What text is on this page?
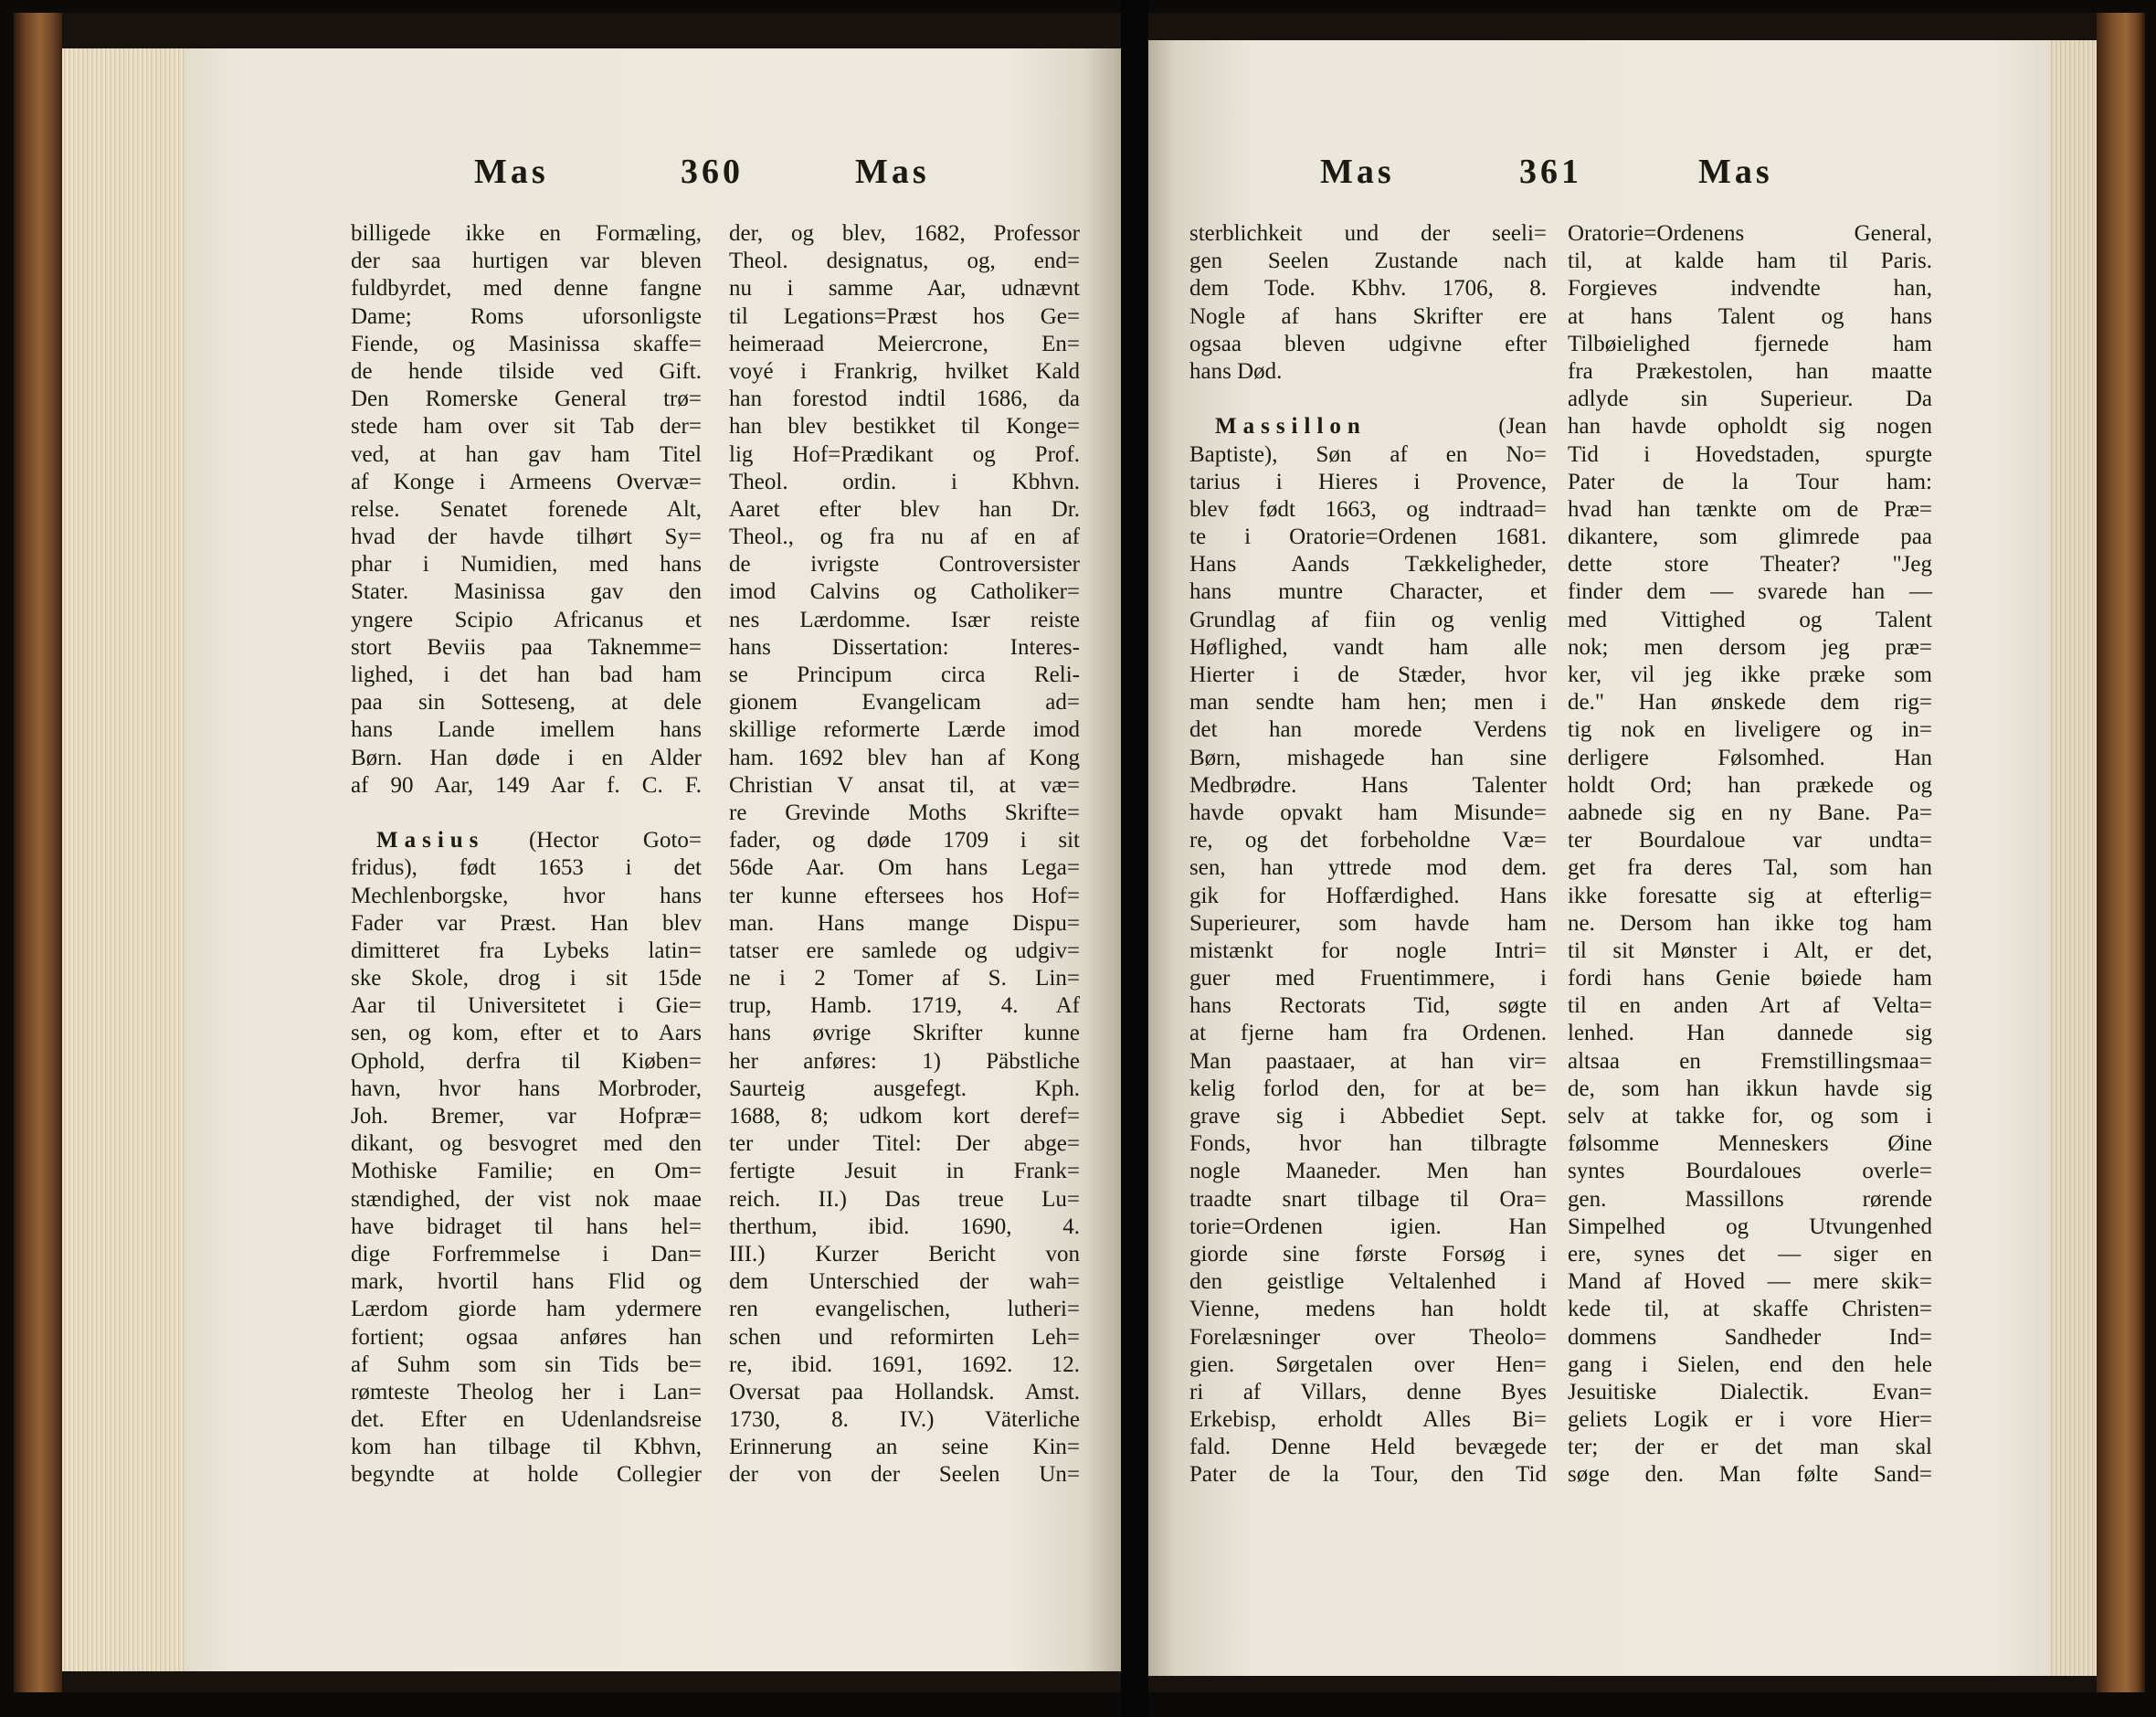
Mas	360	Mas
billigede ikke en Formæling,
der saa hurtigen var bleven
fuldbyrdet, med denne fangne
Dame; Roms uforsonligste
Fiende, og Masinissa skaffe=
de hende tilside ved Gift.
Den Romerske General trø=
stede ham over sit Tab der=
ved, at han gav ham Titel
af Konge i Armeens Overvæ=
relse. Senatet forenede Alt,
hvad der havde tilhørt Sy=
phar i Numidien, med hans
Stater. Masinissa gav den
yngere Scipio Africanus et
stort Beviis paa Taknemme=
lighed, i det han bad ham
paa sin Sotteseng, at dele
hans Lande imellem hans
Børn. Han døde i en Alder
af 90 Aar, 149 Aar f. C. F.
Masius (Hector Goto=
fridus), født 1653 i det
Mechlenborgske, hvor hans
Fader var Præst. Han blev
dimitteret fra Lybeks latin=
ske Skole, drog i sit 15de
Aar til Universitetet i Gie=
sen, og kom, efter et to Aars
Ophold, derfra til Kiøben=
havn, hvor hans Morbroder,
Joh. Bremer, var Hofpræ=
dikant, og besvogret med den
Mothiske Familie; en Om=
stændighed, der vist nok maae
have bidraget til hans hel=
dige Forfremmelse i Dan=
mark, hvortil hans Flid og
Lærdom giorde ham ydermere
fortient; ogsaa anføres han
af Suhm som sin Tids be=
rømteste Theolog her i Lan=
det. Efter en Udenlandsreise
kom han tilbage til Kbhvn,
begyndte at holde Collegier
der, og blev, 1682, Professor
Theol. designatus, og, end=
nu i samme Aar, udnævnt
til Legations=Præst hos Ge=
heimeraad Meiercrone, En=
voyé i Frankrig, hvilket Kald
han forestod indtil 1686, da
han blev bestikket til Konge=
lig Hof=Prædikant og Prof.
Theol. ordin. i Kbhvn.
Aaret efter blev han Dr.
Theol., og fra nu af en af
de ivrigste Controversister
imod Calvins og Catholiker=
nes Lærdomme. Især reiste
hans Dissertation: Interes-
se Principum circa Reli-
gionem Evangelicam ad=
skillige reformerte Lærde imod
ham. 1692 blev han af Kong
Christian V ansat til, at væ=
re Grevinde Moths Skrifte=
fader, og døde 1709 i sit
56de Aar. Om hans Lega=
ter kunne eftersees hos Hof=
man. Hans mange Dispu=
tatser ere samlede og udgiv=
ne i 2 Tomer af S. Lin=
trup, Hamb. 1719, 4. Af
hans øvrige Skrifter kunne
her anføres: 1) Päbstliche
Saurteig ausgefegt. Kph.
1688, 8; udkom kort deref=
ter under Titel: Der abge=
fertigte Jesuit in Frank=
reich. II.) Das treue Lu=
therthum, ibid. 1690, 4.
III.) Kurzer Bericht von
dem Unterschied der wah=
ren evangelischen, lutheri=
schen und reformirten Leh=
re, ibid. 1691, 1692. 12.
Oversat paa Hollandsk. Amst.
1730, 8. IV.) Väterliche
Erinnerung an seine Kin=
der von der Seelen Un=
Mas	361	Mas
sterblichkeit und der seeli=
gen Seelen Zustande nach
dem Tode. Kbhv. 1706, 8.
Nogle af hans Skrifter ere
ogsaa bleven udgivne efter
hans Død.
Massillon	(Jean
Baptiste), Søn af en No=
tarius i Hieres i Provence,
blev født 1663, og indtraad=
te i Oratorie=Ordenen 1681.
Hans Aands Tækkeligheder,
hans muntre Character, et
Grundlag af fiin og venlig
Høflighed, vandt ham alle
Hierter i de Stæder, hvor
man sendte ham hen; men i
det han morede Verdens
Børn, mishagede han sine
Medbrødre. Hans Talenter
havde opvakt ham Misunde=
re, og det forbeholdne Væ=
sen, han yttrede mod dem.
gik for Hoffærdighed. Hans
Superieurer, som havde ham
mistænkt for nogle Intri=
guer med Fruentimmere, i
hans Rectorats Tid, søgte
at fjerne ham fra Ordenen.
Man paastaaer, at han vir=
kelig forlod den, for at be=
grave sig i Abbediet Sept.
Fonds, hvor han tilbragte
nogle Maaneder. Men han
traadte snart tilbage til Ora=
torie=Ordenen igien. Han
giorde sine første Forsøg i
den geistlige Veltalenhed i
Vienne, medens han holdt
Forelæsninger over Theolo=
gien. Sørgetalen over Hen=
ri af Villars, denne Byes
Erkebisp, erholdt Alles Bi=
fald. Denne Held bevægede
Pater de la Tour, den Tid
Oratorie=Ordenens General,
til, at kalde ham til Paris.
Forgieves indvendte han,
at hans Talent og hans
Tilbøielighed fjernede ham
fra Prækestolen, han maatte
adlyde sin Superieur. Da
han havde opholdt sig nogen
Tid i Hovedstaden, spurgte
Pater de la Tour ham:
hvad han tænkte om de Præ=
dikantere, som glimrede paa
dette store Theater? "Jeg
finder dem — svarede han —
med Vittighed og Talent
nok; men dersom jeg præ=
ker, vil jeg ikke præke som
de." Han ønskede dem rig=
tig nok en liveligere og in=
derligere Følsomhed. Han
holdt Ord; han prækede og
aabnede sig en ny Bane. Pa=
ter Bourdaloue var undta=
get fra deres Tal, som han
ikke foresatte sig at efterlig=
ne. Dersom han ikke tog ham
til sit Mønster i Alt, er det,
fordi hans Genie bøiede ham
til en anden Art af Velta=
lenhed. Han dannede sig
altsaa en Fremstillingsmaa=
de, som han ikkun havde sig
selv at takke for, og som i
følsomme Menneskers Øine
syntes Bourdaloues overle=
gen. Massillons rørende
Simpelhed og Utvungenhed
ere, synes det — siger en
Mand af Hoved — mere skik=
kede til, at skaffe Christen=
dommens Sandheder Ind=
gang i Sielen, end den hele
Jesuitiske Dialectik. Evan=
geliets Logik er i vore Hier=
ter; der er det man skal
søge den. Man følte Sand=
